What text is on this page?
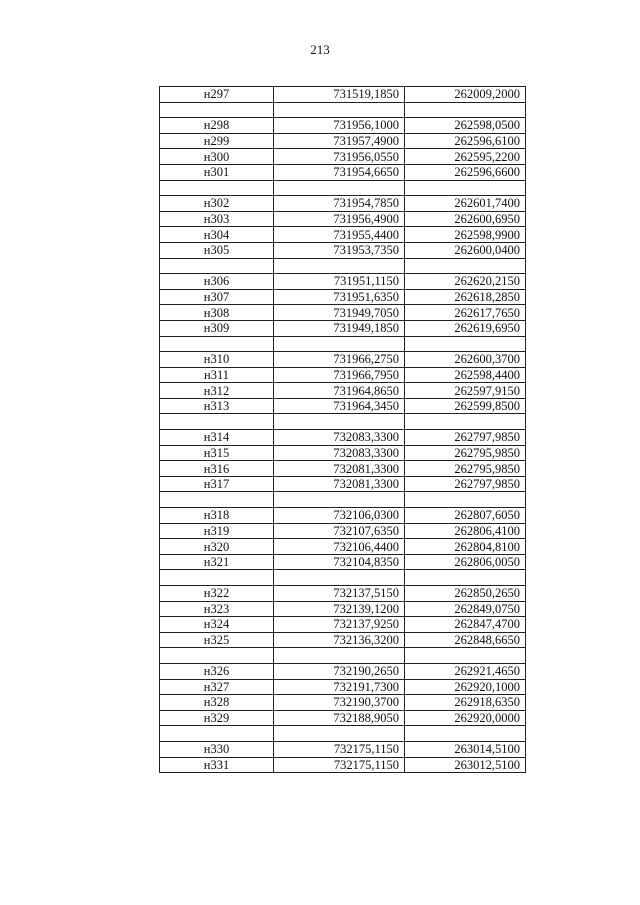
213
н297	731519,1850	262009,2000

н298	731956,1000	262598,0500
н299	731957,4900	262596,6100
н300	731956,0550	262595,2200
н301	731954,6650	262596,6600

н302	731954,7850	262601,7400
н303	731956,4900	262600,6950
н304	731955,4400	262598,9900
н305	731953,7350	262600,0400

н306	731951,1150	262620,2150
н307	731951,6350	262618,2850
н308	731949,7050	262617,7650
н309	731949,1850	262619,6950

н310	731966,2750	262600,3700
н311	731966,7950	262598,4400
н312	731964,8650	262597,9150
н313	731964,3450	262599,8500

н314	732083,3300	262797,9850
н315	732083,3300	262795,9850
н316	732081,3300	262795,9850
н317	732081,3300	262797,9850

н318	732106,0300	262807,6050
н319	732107,6350	262806,4100
н320	732106,4400	262804,8100
н321	732104,8350	262806,0050

н322	732137,5150	262850,2650
н323	732139,1200	262849,0750
н324	732137,9250	262847,4700
н325	732136,3200	262848,6650

н326	732190,2650	262921,4650
н327	732191,7300	262920,1000
н328	732190,3700	262918,6350
н329	732188,9050	262920,0000

н330	732175,1150	263014,5100
н331	732175,1150	263012,5100
